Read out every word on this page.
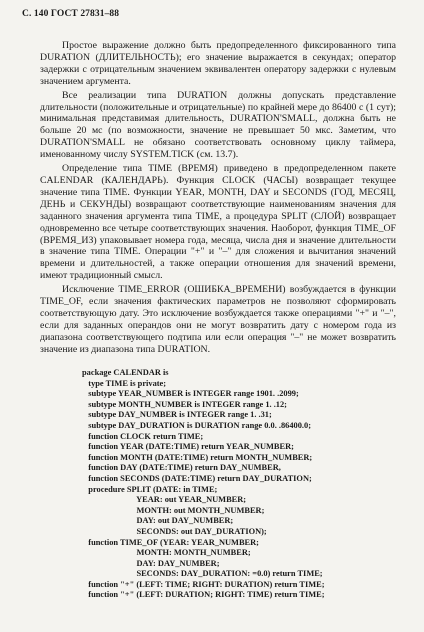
С. 140 ГОСТ 27831–88

Простое выражение должно быть предопределенного фиксированного типа DURATION (ДЛИТЕЛЬНОСТЬ); его значение выражается в секундах; оператор задержки с отрицательным значением эквивалентен оператору задержки с нулевым значением аргумента.

Все реализации типа DURATION должны допускать представление длительности (положительные и отрицательные) по крайней мере до 86400 с (1 сут); минимальная представимая длительность, DURATION'SMALL, должна быть не больше 20 мс (по возможности, значение не превышает 50 мкс. Заметим, что DURATION'SMALL не обязано соответствовать основному циклу таймера, именованному числу SYSTEM.TICK (см. 13.7).

Определение типа TIME (ВРЕМЯ) приведено в предопределенном пакете CALENDAR (КАЛЕНДАРЬ). Функция CLOCK (ЧАСЫ) возвращает текущее значение типа TIME. Функции YEAR, MONTH, DAY и SECONDS (ГОД, МЕСЯЦ, ДЕНЬ и СЕКУНДЫ) возвращают соответствующие наименованиям значения для заданного значения аргумента типа TIME, а процедура SPLIT (СЛОЙ) возвращает одновременно все четыре соответствующих значения. Наоборот, функция TIME_OF (ВРЕМЯ_ИЗ) упаковывает номера года, месяца, числа дня и значение длительности в значение типа TIME. Операции "+" и "–" для сложения и вычитания значений времени и длительностей, а также операции отношения для значений времени, имеют традиционный смысл.

Исключение TIME_ERROR (ОШИБКА_ВРЕМЕНИ) возбуждается в функции TIME_OF, если значения фактических параметров не позволяют сформировать соответствующую дату. Это исключение возбуждается также операциями "+" и "–", если для заданных операндов они не могут возвратить дату с номером года из диапазона соответствующего подтипа или если операция "–" не может возвратить значение из диапазона типа DURATION.

package CALENDAR is
type TIME is private;
subtype YEAR_NUMBER is INTEGER range 1901. .2099;
subtype MONTH_NUMBER is INTEGER range 1. .12;
subtype DAY_NUMBER is INTEGER range 1. .31;
subtype DAY_DURATION is DURATION range 0.0. .86400.0;
function CLOCK return TIME;
function YEAR (DATE:TIME) return YEAR_NUMBER;
function MONTH (DATE:TIME) return MONTH_NUMBER;
function DAY (DATE:TIME) return DAY_NUMBER,
function SECONDS (DATE:TIME) return DAY_DURATION;
procedure SPLIT (DATE: in TIME;
YEAR: out YEAR_NUMBER;
MONTH: out MONTH_NUMBER;
DAY: out DAY_NUMBER;
SECONDS: out DAY_DURATION);
function TIME_OF (YEAR: YEAR_NUMBER;
MONTH: MONTH_NUMBER;
DAY: DAY_NUMBER;
SECONDS: DAY_DURATION: =0.0) return TIME;
function "+" (LEFT: TIME; RIGHT: DURATION) return TIME;
function "+" (LEFT: DURATION; RIGHT: TIME) return TIME;
